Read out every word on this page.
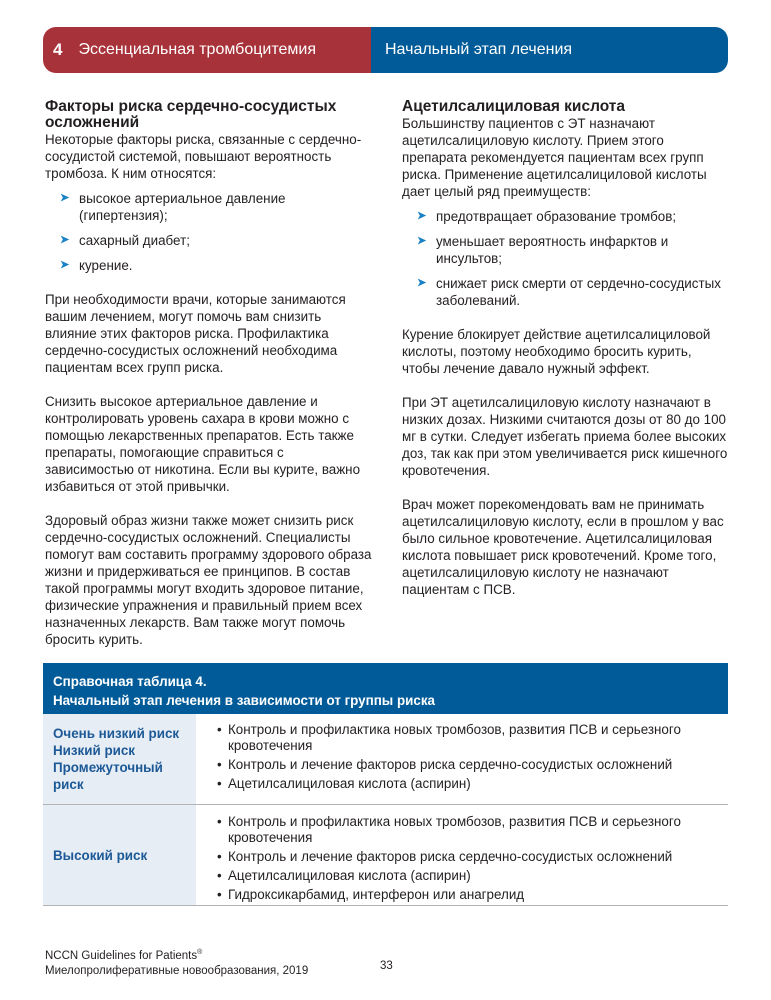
4 Эссенциальная тромбоцитемия	Начальный этап лечения
Факторы риска сердечно-сосудистых осложнений

Некоторые факторы риска, связанные с сердечно-сосудистой системой, повышают вероятность тромбоза. К ним относятся:

➤ высокое артериальное давление (гипертензия);
➤ сахарный диабет;
➤ курение.

При необходимости врачи, которые занимаются вашим лечением, могут помочь вам снизить влияние этих факторов риска. Профилактика сердечно-сосудистых осложнений необходима пациентам всех групп риска.

Снизить высокое артериальное давление и контролировать уровень сахара в крови можно с помощью лекарственных препаратов. Есть также препараты, помогающие справиться с зависимостью от никотина. Если вы курите, важно избавиться от этой привычки.

Здоровый образ жизни также может снизить риск сердечно-сосудистых осложнений. Специалисты помогут вам составить программу здорового образа жизни и придерживаться ее принципов. В состав такой программы могут входить здоровое питание, физические упражнения и правильный прием всех назначенных лекарств. Вам также могут помочь бросить курить.

Ацетилсалициловая кислота

Большинству пациентов с ЭТ назначают ацетилсалициловую кислоту. Прием этого препарата рекомендуется пациентам всех групп риска. Применение ацетилсалициловой кислоты дает целый ряд преимуществ:

➤ предотвращает образование тромбов;
➤ уменьшает вероятность инфарктов и инсультов;
➤ снижает риск смерти от сердечно-сосудистых заболеваний.

Курение блокирует действие ацетилсалициловой кислоты, поэтому необходимо бросить курить, чтобы лечение давало нужный эффект.

При ЭТ ацетилсалициловую кислоту назначают в низких дозах. Низкими считаются дозы от 80 до 100 мг в сутки. Следует избегать приема более высоких доз, так как при этом увеличивается риск кишечного кровотечения.

Врач может порекомендовать вам не принимать ацетилсалициловую кислоту, если в прошлом у вас было сильное кровотечение. Ацетилсалициловая кислота повышает риск кровотечений. Кроме того, ацетилсалициловую кислоту не назначают пациентам с ПСВ.

Справочная таблица 4.
Начальный этап лечения в зависимости от группы риска
Очень низкий риск
Низкий риск
Промежуточный риск
• Контроль и профилактика новых тромбозов, развития ПСВ и серьезного кровотечения
• Контроль и лечение факторов риска сердечно-сосудистых осложнений
• Ацетилсалициловая кислота (аспирин)
Высокий риск
• Контроль и профилактика новых тромбозов, развития ПСВ и серьезного кровотечения
• Контроль и лечение факторов риска сердечно-сосудистых осложнений
• Ацетилсалициловая кислота (аспирин)
• Гидроксикарбамид, интерферон или анагрелид
NCCN Guidelines for Patients®
Миелопролиферативные новообразования, 2019	33
